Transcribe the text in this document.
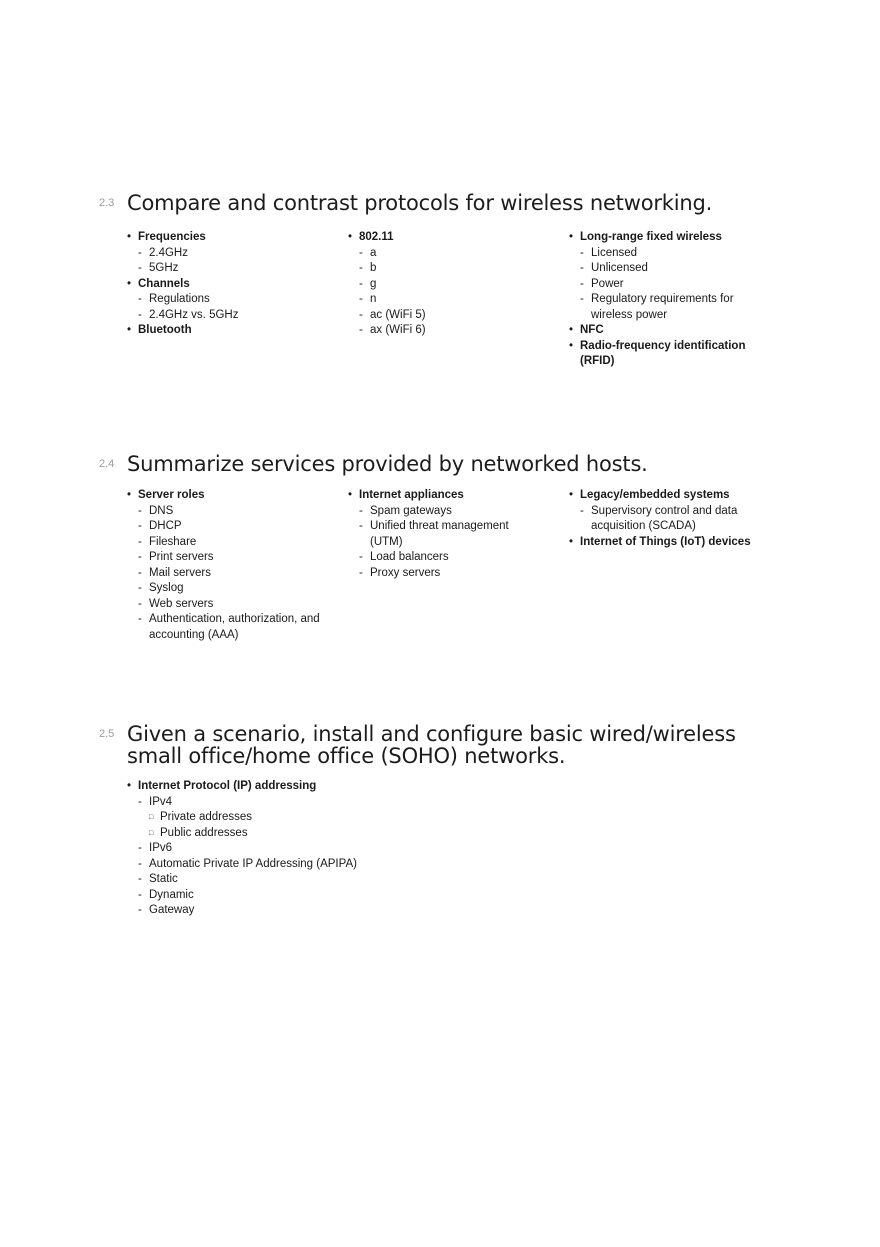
2.3 Compare and contrast protocols for wireless networking.
• Frequencies
- 2.4GHz
- 5GHz
• Channels
- Regulations
- 2.4GHz vs. 5GHz
• Bluetooth
• 802.11
- a
- b
- g
- n
- ac (WiFi 5)
- ax (WiFi 6)
• Long-range fixed wireless
- Licensed
- Unlicensed
- Power
- Regulatory requirements for wireless power
• NFC
• Radio-frequency identification (RFID)
2.4 Summarize services provided by networked hosts.
• Server roles
- DNS
- DHCP
- Fileshare
- Print servers
- Mail servers
- Syslog
- Web servers
- Authentication, authorization, and accounting (AAA)
• Internet appliances
- Spam gateways
- Unified threat management (UTM)
- Load balancers
- Proxy servers
• Legacy/embedded systems
- Supervisory control and data acquisition (SCADA)
• Internet of Things (IoT) devices
2.5 Given a scenario, install and configure basic wired/wireless small office/home office (SOHO) networks.
• Internet Protocol (IP) addressing
- IPv4
□ Private addresses
□ Public addresses
- IPv6
- Automatic Private IP Addressing (APIPA)
- Static
- Dynamic
- Gateway
